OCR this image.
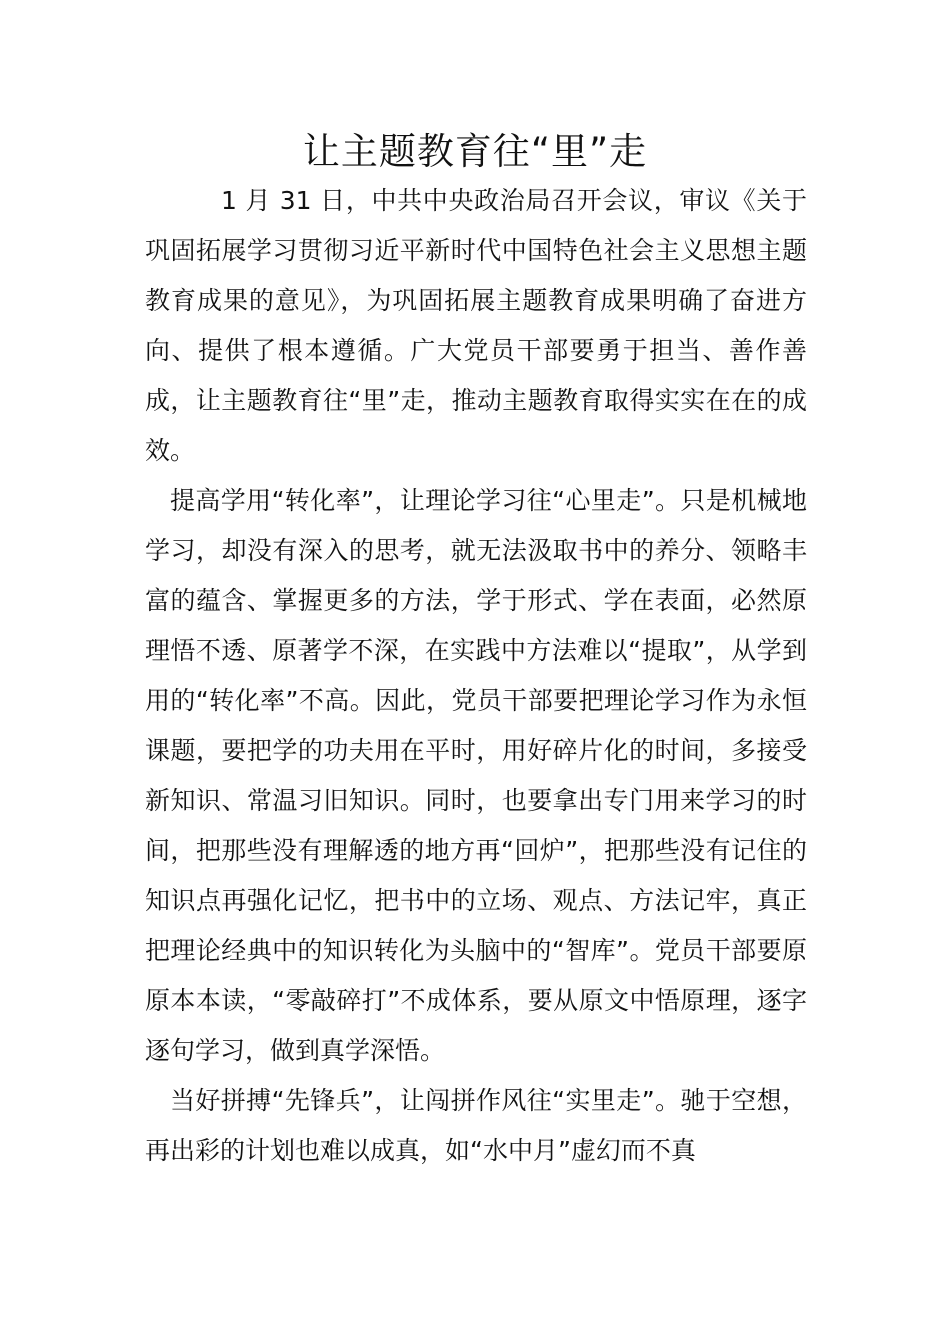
让主题教育往“里”走

1 月 31 日，中共中央政治局召开会议，审议《关于巩固拓展学习贯彻习近平新时代中国特色社会主义思想主题教育成果的意见》，为巩固拓展主题教育成果明确了奋进方向、提供了根本遵循。广大党员干部要勇于担当、善作善成，让主题教育往“里”走，推动主题教育取得实实在在的成效。

提高学用“转化率”，让理论学习往“心里走”。只是机械地学习，却没有深入的思考，就无法汲取书中的养分、领略丰富的蕴含、掌握更多的方法，学于形式、学在表面，必然原理悟不透、原著学不深，在实践中方法难以“提取”，从学到用的“转化率”不高。因此，党员干部要把理论学习作为永恒课题，要把学的功夫用在平时，用好碎片化的时间，多接受新知识、常温习旧知识。同时，也要拿出专门用来学习的时间，把那些没有理解透的地方再“回炉”，把那些没有记住的知识点再强化记忆，把书中的立场、观点、方法记牢，真正把理论经典中的知识转化为头脑中的“智库”。党员干部要原原本本读，“零敲碎打”不成体系，要从原文中悟原理，逐字逐句学习，做到真学深悟。

当好拼搏“先锋兵”，让闯拼作风往“实里走”。驰于空想，再出彩的计划也难以成真，如“水中月”虚幻而不真
